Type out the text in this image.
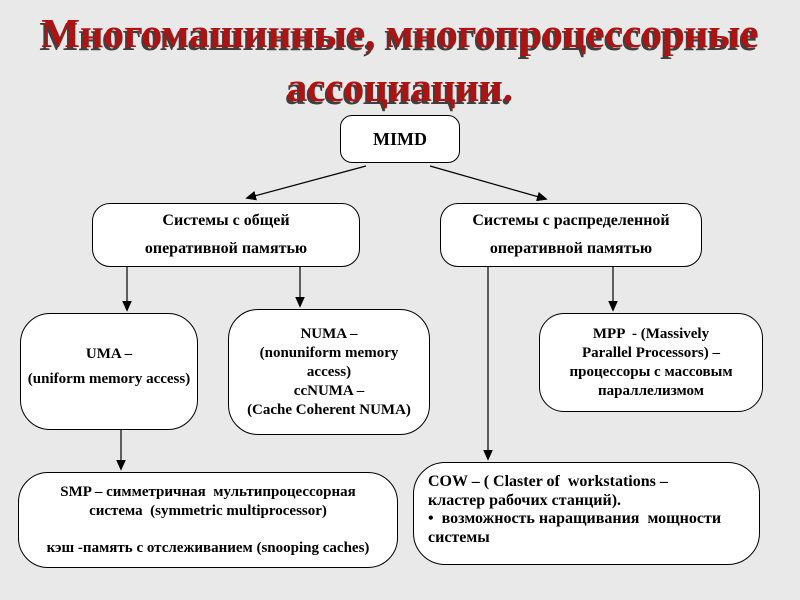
Многомашинные, многопроцессорные
ассоциации.
MIMD
Системы с общей
оперативной памятью
Системы с распределенной
оперативной памятью
UMA –
(uniform memory access)
NUMA –
(nonuniform memory
access)
ccNUMA –
(Cache Coherent NUMA)
MPP  - (Massively
Parallel Processors) –
процессоры с массовым
параллелизмом
SMP – симметричная  мультипроцессорная
система  (symmetric multiprocessor)
кэш -память с отслеживанием (snooping caches)
COW – ( Claster of  workstations –
кластер рабочих станций).
•  возможность наращивания  мощности
системы
